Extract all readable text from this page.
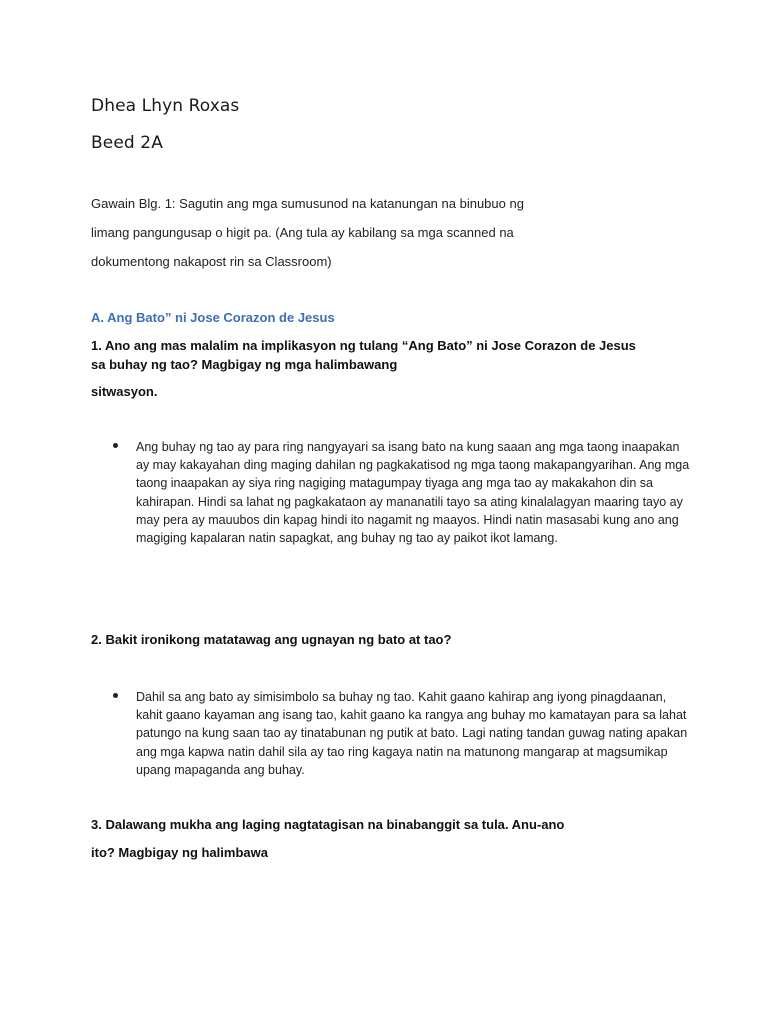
Dhea Lhyn Roxas

Beed 2A

Gawain Blg. 1: Sagutin ang mga sumusunod na katanungan na binubuo ng

limang pangungusap o higit pa. (Ang tula ay kabilang sa mga scanned na

dokumentong nakapost rin sa Classroom)

A. Ang Bato” ni Jose Corazon de Jesus

1. Ano ang mas malalim na implikasyon ng tulang “Ang Bato” ni Jose Corazon de Jesus

sa buhay ng tao? Magbigay ng mga halimbawang

sitwasyon.

Ang buhay ng tao ay para ring nangyayari sa isang bato na kung saaan ang mga taong inaapakan ay may kakayahan ding maging dahilan ng pagkakatisod ng mga taong makapangyarihan. Ang mga taong inaapakan ay siya ring nagiging matagumpay tiyaga ang mga tao ay makakahon din sa kahirapan. Hindi sa lahat ng pagkakataon ay mananatili tayo sa ating kinalalagyan maaring tayo ay may pera ay mauubos din kapag hindi ito nagamit ng maayos. Hindi natin masasabi kung ano ang magiging kapalaran natin sapagkat, ang buhay ng tao ay paikot ikot lamang.

2. Bakit ironikong matatawag ang ugnayan ng bato at tao?

Dahil sa ang bato ay simisimbolo sa buhay ng tao. Kahit gaano kahirap ang iyong pinagdaanan, kahit gaano kayaman ang isang tao, kahit gaano ka rangya ang buhay mo kamatayan para sa lahat patungo na kung saan tao ay tinatabunan ng putik at bato. Lagi nating tandan guwag nating apakan ang mga kapwa natin dahil sila ay tao ring kagaya natin na matunong mangarap at magsumikap upang mapaganda ang buhay.

3. Dalawang mukha ang laging nagtatagisan na binabanggit sa tula. Anu-ano

ito? Magbigay ng halimbawa
